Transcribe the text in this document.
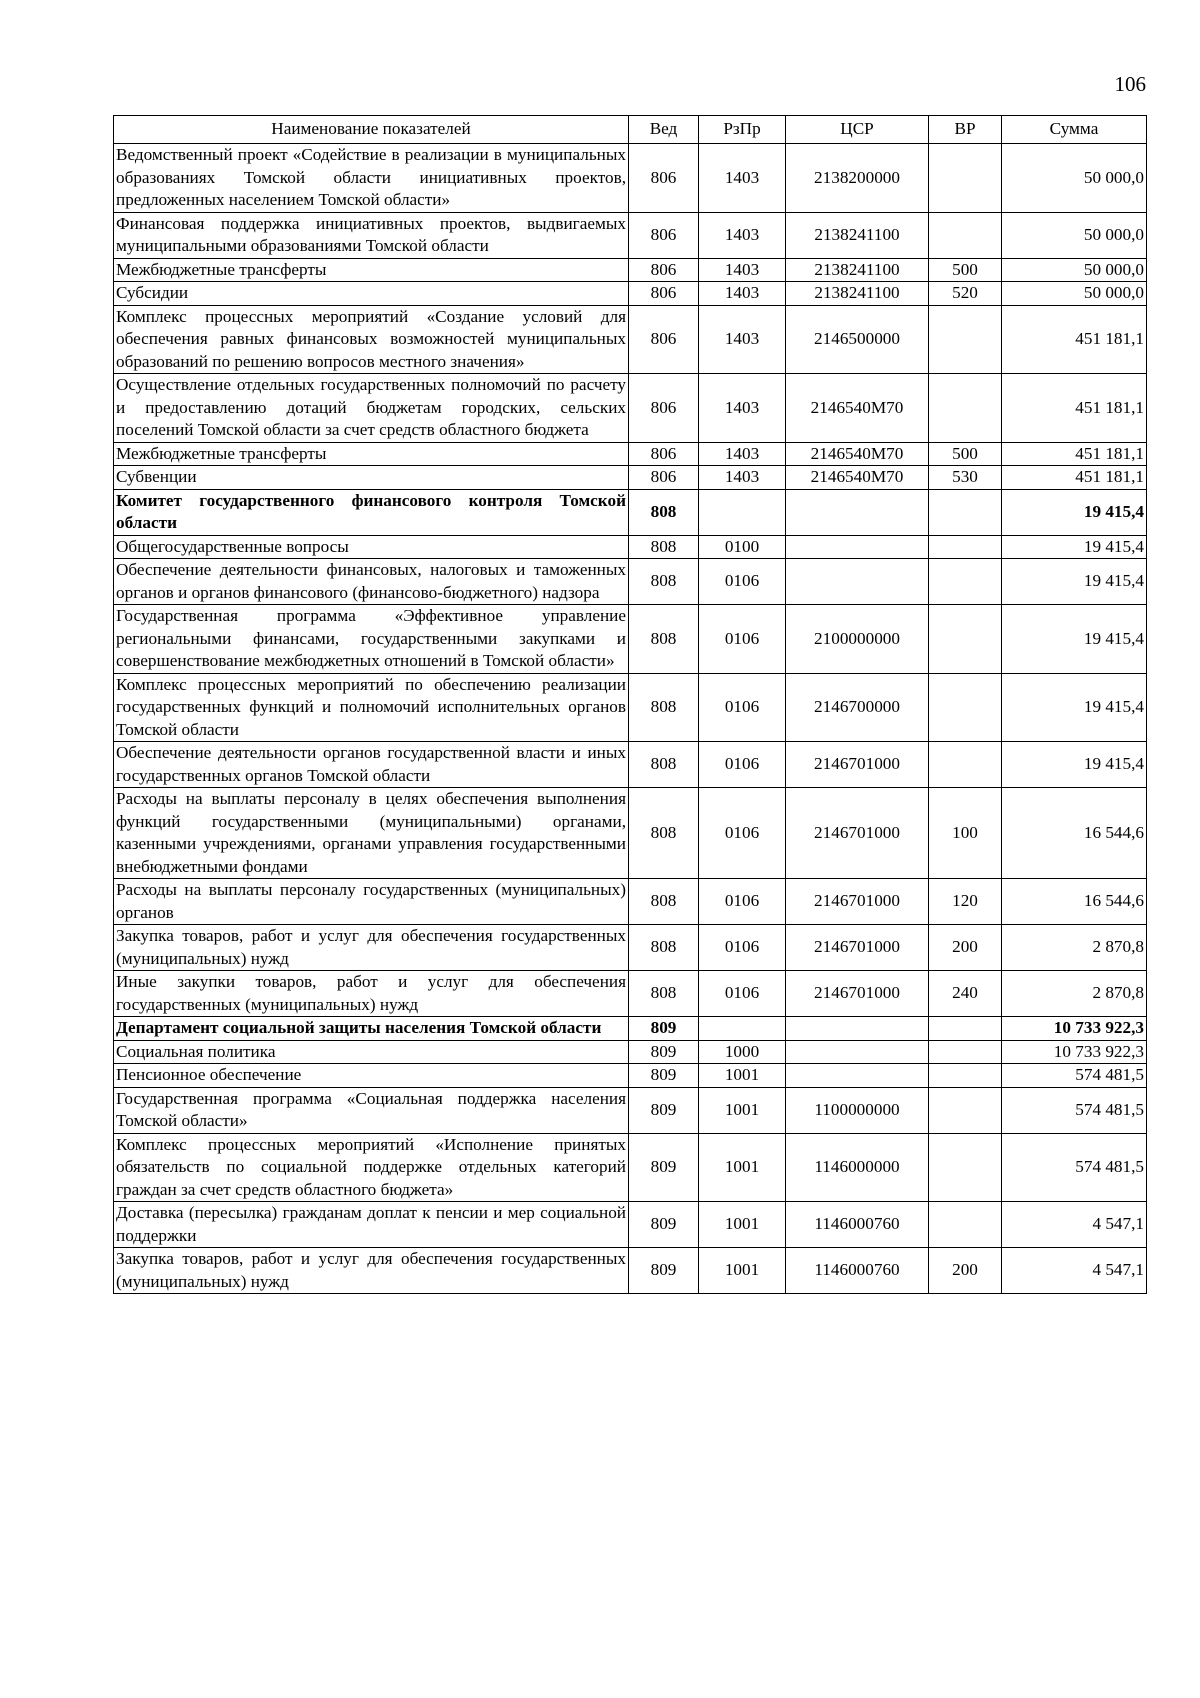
106
Наименование показателей	Вед	РзПр	ЦСР	ВР	Сумма
Ведомственный проект «Содействие в реализации в муниципальных образованиях Томской области инициативных проектов, предложенных населением Томской области»	806	1403	2138200000		50 000,0
Финансовая поддержка инициативных проектов, выдвигаемых муниципальными образованиями Томской области	806	1403	2138241100		50 000,0
Межбюджетные трансферты	806	1403	2138241100	500	50 000,0
Субсидии	806	1403	2138241100	520	50 000,0
Комплекс процессных мероприятий «Создание условий для обеспечения равных финансовых возможностей муниципальных образований по решению вопросов местного значения»	806	1403	2146500000		451 181,1
Осуществление отдельных государственных полномочий по расчету и предоставлению дотаций бюджетам городских, сельских поселений Томской области за счет средств областного бюджета	806	1403	2146540M70		451 181,1
Межбюджетные трансферты	806	1403	2146540M70	500	451 181,1
Субвенции	806	1403	2146540M70	530	451 181,1
Комитет государственного финансового контроля Томской области	808				19 415,4
Общегосударственные вопросы	808	0100			19 415,4
Обеспечение деятельности финансовых, налоговых и таможенных органов и органов финансового (финансово-бюджетного) надзора	808	0106			19 415,4
Государственная программа «Эффективное управление региональными финансами, государственными закупками и совершенствование межбюджетных отношений в Томской области»	808	0106	2100000000		19 415,4
Комплекс процессных мероприятий по обеспечению реализации государственных функций и полномочий исполнительных органов Томской области	808	0106	2146700000		19 415,4
Обеспечение деятельности органов государственной власти и иных государственных органов Томской области	808	0106	2146701000		19 415,4
Расходы на выплаты персоналу в целях обеспечения выполнения функций государственными (муниципальными) органами, казенными учреждениями, органами управления государственными внебюджетными фондами	808	0106	2146701000	100	16 544,6
Расходы на выплаты персоналу государственных (муниципальных) органов	808	0106	2146701000	120	16 544,6
Закупка товаров, работ и услуг для обеспечения государственных (муниципальных) нужд	808	0106	2146701000	200	2 870,8
Иные закупки товаров, работ и услуг для обеспечения государственных (муниципальных) нужд	808	0106	2146701000	240	2 870,8
Департамент социальной защиты населения Томской области	809				10 733 922,3
Социальная политика	809	1000			10 733 922,3
Пенсионное обеспечение	809	1001			574 481,5
Государственная программа «Социальная поддержка населения Томской области»	809	1001	1100000000		574 481,5
Комплекс процессных мероприятий «Исполнение принятых обязательств по социальной поддержке отдельных категорий граждан за счет средств областного бюджета»	809	1001	1146000000		574 481,5
Доставка (пересылка) гражданам доплат к пенсии и мер социальной поддержки	809	1001	1146000760		4 547,1
Закупка товаров, работ и услуг для обеспечения государственных (муниципальных) нужд	809	1001	1146000760	200	4 547,1
